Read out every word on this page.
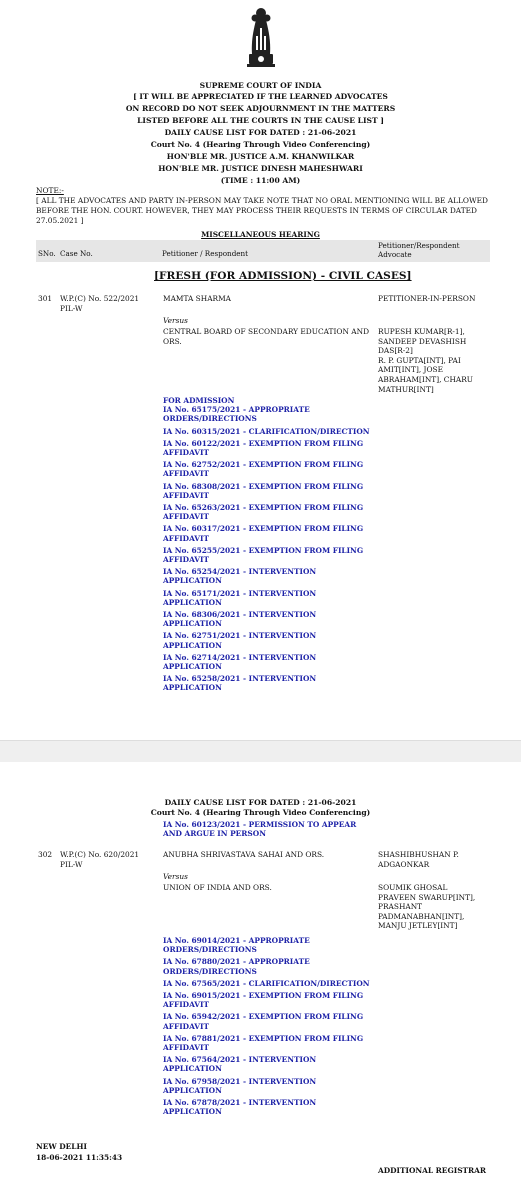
SUPREME COURT OF INDIA
[ IT WILL BE APPRECIATED IF THE LEARNED ADVOCATES
ON RECORD DO NOT SEEK ADJOURNMENT IN THE MATTERS
LISTED BEFORE ALL THE COURTS IN THE CAUSE LIST ]
DAILY CAUSE LIST FOR DATED : 21-06-2021
Court No. 4 (Hearing Through Video Conferencing)
HON'BLE MR. JUSTICE A.M. KHANWILKAR
HON'BLE MR. JUSTICE DINESH MAHESHWARI
(TIME : 11:00 AM)
NOTE:-
[ ALL THE ADVOCATES AND PARTY IN-PERSON MAY TAKE NOTE THAT NO ORAL MENTIONING WILL BE ALLOWED
BEFORE THE HON. COURT. HOWEVER, THEY MAY PROCESS THEIR REQUESTS IN TERMS OF CIRCULAR DATED
27.05.2021 ]
MISCELLANEOUS HEARING
SNo. Case No.	Petitioner / Respondent
Petitioner/Respondent
Advocate
[FRESH (FOR ADMISSION) - CIVIL CASES]
301 W.P.(C) No. 522/2021
PIL-W
MAMTA SHARMA
Versus
CENTRAL BOARD OF SECONDARY EDUCATION AND
ORS.
PETITIONER-IN-PERSON
RUPESH KUMAR[R-1],
SANDEEP DEVASHISH
DAS[R-2]
R. P. GUPTA[INT], PAI
AMIT[INT], JOSE
ABRAHAM[INT], CHARU
MATHUR[INT]
FOR ADMISSION
IA No. 65175/2021 - APPROPRIATE
ORDERS/DIRECTIONS
IA No. 60315/2021 - CLARIFICATION/DIRECTION
IA No. 60122/2021 - EXEMPTION FROM FILING
AFFIDAVIT
IA No. 62752/2021 - EXEMPTION FROM FILING
AFFIDAVIT
IA No. 68308/2021 - EXEMPTION FROM FILING
AFFIDAVIT
IA No. 65263/2021 - EXEMPTION FROM FILING
AFFIDAVIT
IA No. 60317/2021 - EXEMPTION FROM FILING
AFFIDAVIT
IA No. 65255/2021 - EXEMPTION FROM FILING
AFFIDAVIT
IA No. 65254/2021 - INTERVENTION
APPLICATION
IA No. 65171/2021 - INTERVENTION
APPLICATION
IA No. 68306/2021 - INTERVENTION
APPLICATION
IA No. 62751/2021 - INTERVENTION
APPLICATION
IA No. 62714/2021 - INTERVENTION
APPLICATION
IA No. 65258/2021 - INTERVENTION
APPLICATION
DAILY CAUSE LIST FOR DATED : 21-06-2021
Court No. 4 (Hearing Through Video Conferencing)
IA No. 60123/2021 - PERMISSION TO APPEAR
AND ARGUE IN PERSON
302 W.P.(C) No. 620/2021
PIL-W
ANUBHA SHRIVASTAVA SAHAI AND ORS.
Versus
UNION OF INDIA AND ORS.
SHASHIBHUSHAN P.
ADGAONKAR
SOUMIK GHOSAL
PRAVEEN SWARUP[INT],
PRASHANT
PADMANABHAN[INT],
MANJU JETLEY[INT]
IA No. 69014/2021 - APPROPRIATE
ORDERS/DIRECTIONS
IA No. 67880/2021 - APPROPRIATE
ORDERS/DIRECTIONS
IA No. 67565/2021 - CLARIFICATION/DIRECTION
IA No. 69015/2021 - EXEMPTION FROM FILING
AFFIDAVIT
IA No. 65942/2021 - EXEMPTION FROM FILING
AFFIDAVIT
IA No. 67881/2021 - EXEMPTION FROM FILING
AFFIDAVIT
IA No. 67564/2021 - INTERVENTION
APPLICATION
IA No. 67958/2021 - INTERVENTION
APPLICATION
IA No. 67878/2021 - INTERVENTION
APPLICATION
NEW DELHI
18-06-2021 11:35:43
ADDITIONAL REGISTRAR
